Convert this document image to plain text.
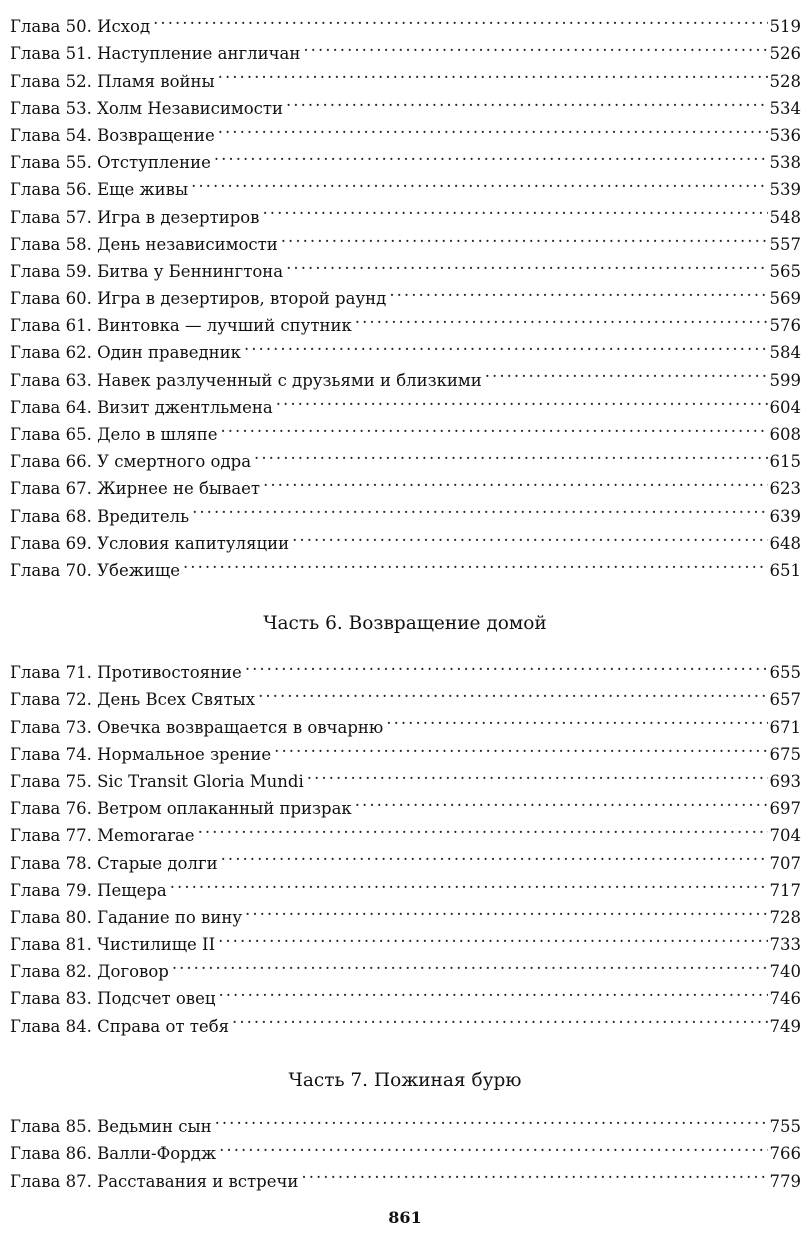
Глава 50. Исход . . .	519
Глава 51. Наступление англичан . . .	526
Глава 52. Пламя войны . . .	528
Глава 53. Холм Независимости . . .	534
Глава 54. Возвращение . . .	536
Глава 55. Отступление . . .	538
Глава 56. Еще живы . . .	539
Глава 57. Игра в дезертиров . . .	548
Глава 58. День независимости . . .	557
Глава 59. Битва у Беннингтона . . .	565
Глава 60. Игра в дезертиров, второй раунд . . .	569
Глава 61. Винтовка — лучший спутник . . .	576
Глава 62. Один праведник . . .	584
Глава 63. Навек разлученный с друзьями и близкими . . .	599
Глава 64. Визит джентльмена . . .	604
Глава 65. Дело в шляпе . . .	608
Глава 66. У смертного одра . . .	615
Глава 67. Жирнее не бывает . . .	623
Глава 68. Вредитель . . .	639
Глава 69. Условия капитуляции . . .	648
Глава 70. Убежище . . .	651
Часть 6. Возвращение домой
Глава 71. Противостояние . . .	655
Глава 72. День Всех Святых . . .	657
Глава 73. Овечка возвращается в овчарню . . .	671
Глава 74. Нормальное зрение . . .	675
Глава 75. Sic Transit Gloria Mundi . . .	693
Глава 76. Ветром оплаканный призрак . . .	697
Глава 77. Memorarae . . .	704
Глава 78. Старые долги . . .	707
Глава 79. Пещера . . .	717
Глава 80. Гадание по вину . . .	728
Глава 81. Чистилище II . . .	733
Глава 82. Договор . . .	740
Глава 83. Подсчет овец . . .	746
Глава 84. Справа от тебя . . .	749
Часть 7. Пожиная бурю
Глава 85. Ведьмин сын . . .	755
Глава 86. Валли-Фордж . . .	766
Глава 87. Расставания и встречи . . .	779
861
